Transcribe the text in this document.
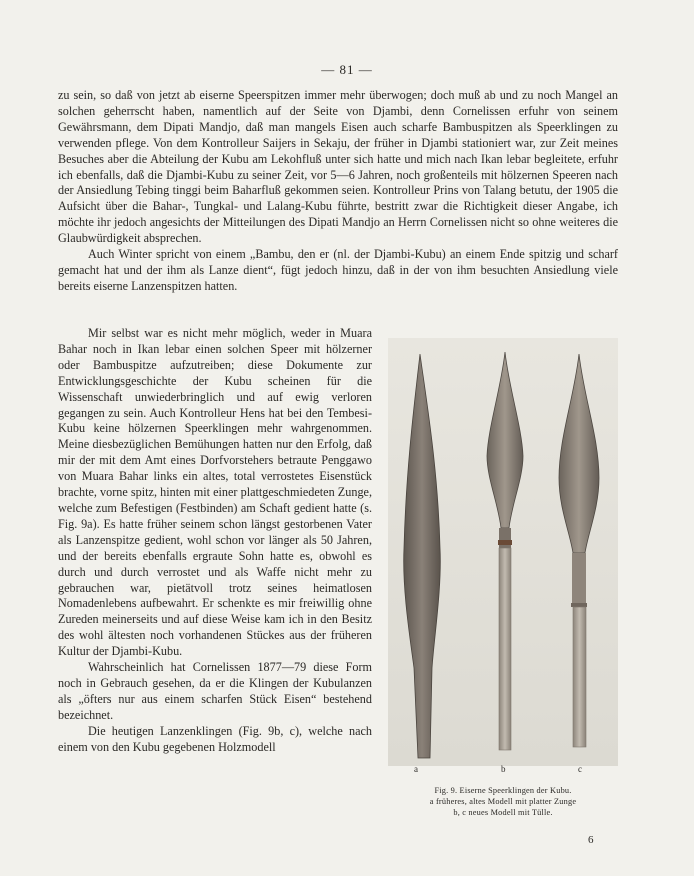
— 81 —

zu sein, so daß von jetzt ab eiserne Speerspitzen immer mehr überwogen; doch muß ab und zu noch Mangel an solchen geherrscht haben, namentlich auf der Seite von Djambi, denn Cornelissen erfuhr von seinem Gewährsmann, dem Dipati Mandjo, daß man mangels Eisen auch scharfe Bambuspitzen als Speerklingen zu verwenden pflege. Von dem Kontrolleur Saijers in Sekaju, der früher in Djambi stationiert war, zur Zeit meines Besuches aber die Abteilung der Kubu am Lekohfluß unter sich hatte und mich nach Ikan lebar begleitete, erfuhr ich ebenfalls, daß die Djambi-Kubu zu seiner Zeit, vor 5—6 Jahren, noch großenteils mit hölzernen Speeren nach der Ansiedlung Tebing tinggi beim Baharfluß gekommen seien. Kontrolleur Prins von Talang betutu, der 1905 die Aufsicht über die Bahar-, Tungkal- und Lalang-Kubu führte, bestritt zwar die Richtigkeit dieser Angabe, ich möchte ihr jedoch angesichts der Mitteilungen des Dipati Mandjo an Herrn Cornelissen nicht so ohne weiteres die Glaubwürdigkeit absprechen.

Auch Winter spricht von einem „Bambu, den er (nl. der Djambi-Kubu) an einem Ende spitzig und scharf gemacht hat und der ihm als Lanze dient“, fügt jedoch hinzu, daß in der von ihm besuchten Ansiedlung viele bereits eiserne Lanzenspitzen hatten.

Mir selbst war es nicht mehr möglich, weder in Muara Bahar noch in Ikan lebar einen solchen Speer mit hölzerner oder Bambuspitze aufzutreiben; diese Dokumente zur Entwicklungsgeschichte der Kubu scheinen für die Wissenschaft unwiederbringlich und auf ewig verloren gegangen zu sein. Auch Kontrolleur Hens hat bei den Tembesi-Kubu keine hölzernen Speerklingen mehr wahrgenommen. Meine diesbezüglichen Bemühungen hatten nur den Erfolg, daß mir der mit dem Amt eines Dorfvorstehers betraute Penggawo von Muara Bahar links ein altes, total verrostetes Eisenstück brachte, vorne spitz, hinten mit einer plattgeschmiedeten Zunge, welche zum Befestigen (Festbinden) am Schaft gedient hatte (s. Fig. 9a). Es hatte früher seinem schon längst gestorbenen Vater als Lanzenspitze gedient, wohl schon vor länger als 50 Jahren, und der bereits ebenfalls ergraute Sohn hatte es, obwohl es durch und durch verrostet und als Waffe nicht mehr zu gebrauchen war, pietätvoll trotz seines heimatlosen Nomadenlebens aufbewahrt. Er schenkte es mir freiwillig ohne Zureden meinerseits und auf diese Weise kam ich in den Besitz des wohl ältesten noch vorhandenen Stückes aus der früheren Kultur der Djambi-Kubu.

Wahrscheinlich hat Cornelissen 1877—79 diese Form noch in Gebrauch gesehen, da er die Klingen der Kubulanzen als „öfters nur aus einem scharfen Stück Eisen“ bestehend bezeichnet.

Die heutigen Lanzenklingen (Fig. 9b, c), welche nach einem von den Kubu gegebenen Holzmodell

a	b	c
Fig. 9. Eiserne Speerklingen der Kubu.
a früheres, altes Modell mit platter Zunge
b, c neues Modell mit Tülle.
6
